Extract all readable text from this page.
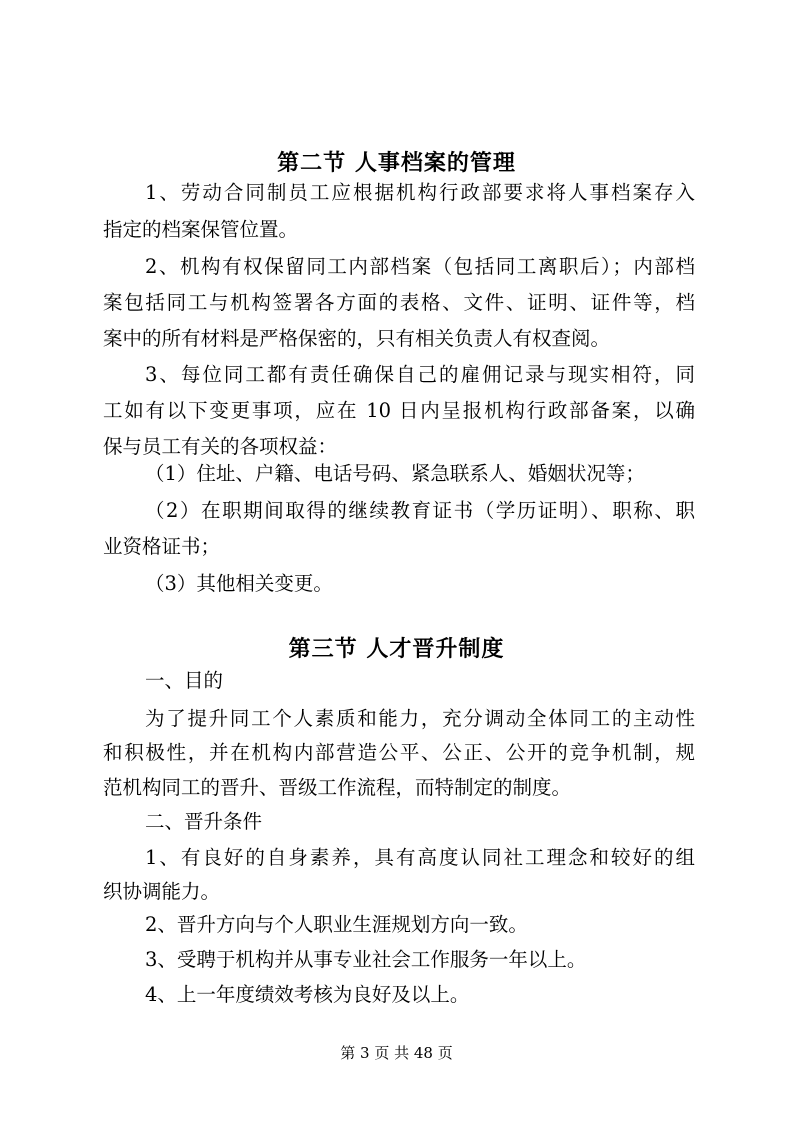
第二节 人事档案的管理
1、劳动合同制员工应根据机构行政部要求将人事档案存入
指定的档案保管位置。
2、机构有权保留同工内部档案（包括同工离职后）；内部档
案包括同工与机构签署各方面的表格、文件、证明、证件等，档
案中的所有材料是严格保密的，只有相关负责人有权查阅。
3、每位同工都有责任确保自己的雇佣记录与现实相符，同
工如有以下变更事项，应在 10 日内呈报机构行政部备案，以确
保与员工有关的各项权益：
（1）住址、户籍、电话号码、紧急联系人、婚姻状况等；
（2）在职期间取得的继续教育证书（学历证明）、职称、职
业资格证书；
（3）其他相关变更。
第三节 人才晋升制度
一、目的
为了提升同工个人素质和能力，充分调动全体同工的主动性
和积极性，并在机构内部营造公平、公正、公开的竞争机制，规
范机构同工的晋升、晋级工作流程，而特制定的制度。
二、晋升条件
1、有良好的自身素养，具有高度认同社工理念和较好的组
织协调能力。
2、晋升方向与个人职业生涯规划方向一致。
3、受聘于机构并从事专业社会工作服务一年以上。
4、上一年度绩效考核为良好及以上。
第 3 页 共 48 页
